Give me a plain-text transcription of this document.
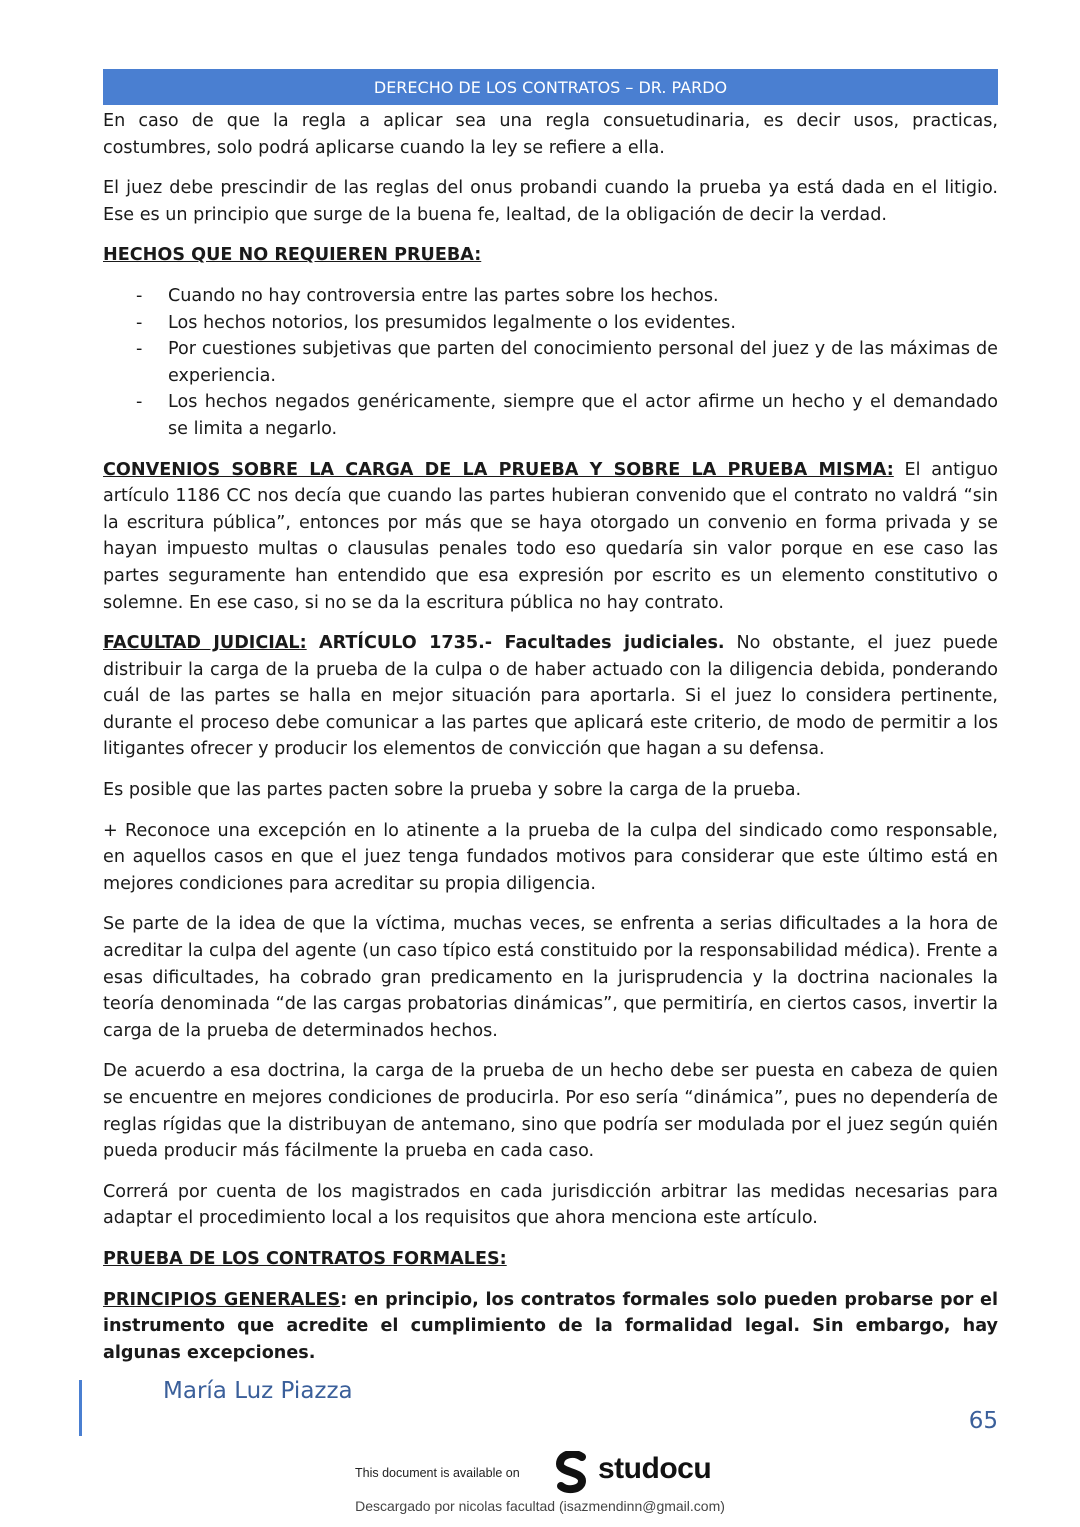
DERECHO DE LOS CONTRATOS – DR. PARDO

En caso de que la regla a aplicar sea una regla consuetudinaria, es decir usos, practicas, costumbres, solo podrá aplicarse cuando la ley se refiere a ella.

El juez debe prescindir de las reglas del onus probandi cuando la prueba ya está dada en el litigio. Ese es un principio que surge de la buena fe, lealtad, de la obligación de decir la verdad.

HECHOS QUE NO REQUIEREN PRUEBA:

- Cuando no hay controversia entre las partes sobre los hechos.
- Los hechos notorios, los presumidos legalmente o los evidentes.
- Por cuestiones subjetivas que parten del conocimiento personal del juez y de las máximas de experiencia.
- Los hechos negados genéricamente, siempre que el actor afirme un hecho y el demandado se limita a negarlo.

CONVENIOS SOBRE LA CARGA DE LA PRUEBA Y SOBRE LA PRUEBA MISMA: El antiguo artículo 1186 CC nos decía que cuando las partes hubieran convenido que el contrato no valdrá “sin la escritura pública”, entonces por más que se haya otorgado un convenio en forma privada y se hayan impuesto multas o clausulas penales todo eso quedaría sin valor porque en ese caso las partes seguramente han entendido que esa expresión por escrito es un elemento constitutivo o solemne. En ese caso, si no se da la escritura pública no hay contrato.

FACULTAD JUDICIAL: ARTÍCULO 1735.- Facultades judiciales. No obstante, el juez puede distribuir la carga de la prueba de la culpa o de haber actuado con la diligencia debida, ponderando cuál de las partes se halla en mejor situación para aportarla. Si el juez lo considera pertinente, durante el proceso debe comunicar a las partes que aplicará este criterio, de modo de permitir a los litigantes ofrecer y producir los elementos de convicción que hagan a su defensa.

Es posible que las partes pacten sobre la prueba y sobre la carga de la prueba.

+ Reconoce una excepción en lo atinente a la prueba de la culpa del sindicado como responsable, en aquellos casos en que el juez tenga fundados motivos para considerar que este último está en mejores condiciones para acreditar su propia diligencia.

Se parte de la idea de que la víctima, muchas veces, se enfrenta a serias dificultades a la hora de acreditar la culpa del agente (un caso típico está constituido por la responsabilidad médica). Frente a esas dificultades, ha cobrado gran predicamento en la jurisprudencia y la doctrina nacionales la teoría denominada “de las cargas probatorias dinámicas”, que permitiría, en ciertos casos, invertir la carga de la prueba de determinados hechos.

De acuerdo a esa doctrina, la carga de la prueba de un hecho debe ser puesta en cabeza de quien se encuentre en mejores condiciones de producirla. Por eso sería “dinámica”, pues no dependería de reglas rígidas que la distribuyan de antemano, sino que podría ser modulada por el juez según quién pueda producir más fácilmente la prueba en cada caso.

Correrá por cuenta de los magistrados en cada jurisdicción arbitrar las medidas necesarias para adaptar el procedimiento local a los requisitos que ahora menciona este artículo.

PRUEBA DE LOS CONTRATOS FORMALES:

PRINCIPIOS GENERALES: en principio, los contratos formales solo pueden probarse por el instrumento que acredite el cumplimiento de la formalidad legal. Sin embargo, hay algunas excepciones.

María Luz Piazza
65
This document is available on	studocu
Descargado por nicolas facultad (isazmendinn@gmail.com)
